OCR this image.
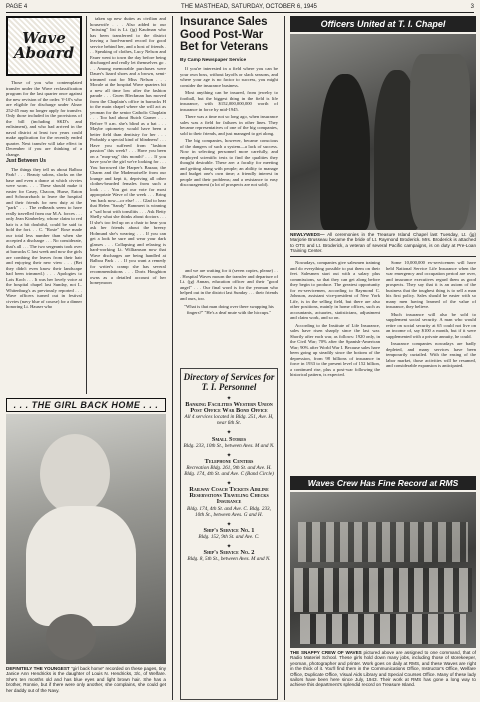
PAGE 4	THE MASTHEAD, SATURDAY, OCTOBER 6, 1945	3
Wave Aboard

Those of you who contemplated transfer under the Wave reclassification program for the last quarter once against the new revision of the order. V-10's who are eligible for discharge under Alnav 252-45 may no longer apply for transfer. Only those included in the provisions of the bill (including SKD's and enlistment), and who had arrived in the naval district at least two years could make application for the recently ended quarter. Next transfer will take effect in December if you are thinking of a change.

Just Between Us

The things they tell us about Balboa Park! . . . Beauty salons, slacks on the base and even a dance at which civvies were worn. . . . These should make it easier for Casey, Chacon, Hurse, Eaton and Schwarzbach to leave the hospital and their friends for new duty at the "park" . . . The redheads seem to have really travelled from our M.A. forces . . . only Jean Kimberley, whose claim to red hair is a bit doubtful, could be said to hold the fort. . . C. "Rosie" Rose made our total less number than when she accepted a discharge . . . No considerate, that's all . . . The two sergeants took over at barracks C last week and now the girls are combing the leaves from their hair and enjoying their new view . . . (Bet they didn't even know their landscape had been trimmed.) . . . Apologies to Lois Koch . . . It was her lovely voice at the hospital chapel last Sunday, not L. Whitenburg's as previously reported . . . Wave officers turned out in festival civvies (navy blue of course) for a dinner honoring Lt. Hauser who

taken up new duties as civilian and housewife . . . Also added to our "missing" list is Lt. (jg) Kaufman who has been transferred to the district leaving a hard-earned record for good service behind her, and a host of friends . . . Speaking of clothes, Lucy Nelson and Fauer went to town the day before being discharged and really let themselves go . . . Among memorable purchases were Dauer's lizard shoes and a brown, semi-trimmed coat for Miss Nelson . . . Morale at the hospital Wave quarters hit a new all time low after the fashion parade . . . Gwen Bleckman has moved from the Chaplain's office in barracks H to the main chapel where she will act as yeoman for the senior Catholic Chaplain . . . Too bad about Butch Garner . . . Before 9 a.m. she's blind as a bat . . . Maybe optometry would have been a better field than dentistry for her . . . Probably a special kind of blindness! . . . Have you suffered from "fashion passion" this week? . . . Have you been on a "mop-rag" this month? . . . If you have you're the girl we're looking for . . . You borrowed the Harper's Bazaar, the Charm and the Mademoiselle from our lounge and kept it, depriving all other clothes-bearded females from such a look . . . You got our vote for most appropriate Wave of the week . . . Bring 'em back now—or else! . . . Glad to hear that Helen "Sandy" Rammert is winning a "sad bout with tonsilitis . . . Ask Betty Shelly what she thinks about doctors . . . If she's too fed up on a chair to hear you ask her friends about the breezy Holmund she's wearing . . . If you can get a look be sure and wear your dark glasses . . . Collapsing and relaxing is hard-working Lt. Williamson now that Wave discharges are being handled at Balboa Park . . . If you want a remedy for writer's cramp she has several recommendations . . . Doris Houghton owns as a detailed account of her honeymoon

. . . THE GIRL BACK HOME . . .
DEFINITELY THE YOUNGEST "girl back home" recorded on these pages, tiny Janice Ann Hendricks is the daughter of Louis N. Hendricks, 3/c, of Welfare. She's ten months old and has blue eyes and light brown hair. She has a brother, Ronnie, but if there were only another, she complains, she could get her daddy out of the Navy.
Insurance Sales Good Post-War Bet for Veterans
By Camp Newspaper Service

If you're interested in a field where you can be your own boss, without layoffs or slack seasons, and where your age is no factor to success, you might consider the insurance business.

Most anything can be insured, from jewelry to football, but the biggest thing in the field is life insurance, with $152,000,000,000 worth of insurance in force by mid-1945.

There was a time not so long ago, when insurance sales was a field for failures in other lines. They became representatives of one of the big companies, sold to their friends, and just managed to get along.

The big companies, however, became conscious of the dangers of such a system—a lack of success. Now in selecting personnel more carefully, and employed scientific tests to find the qualities they thought desirable. These are: a faculty for meeting and getting along with people; an ability to manage and budget one's own time; a friendly interest in people and their problems; and a resistance to easy discouragement (a lot of prospects are not sold).

and we are waiting for it (seven copies, please) . . . Hospital Waves mourn the transfer and departure of Lt. (jg) Annan, education officer and their "good angel" . . . Our final word is for the yeoman who helped out in the district last Sunday . . . their friends and ours, too.

"What is that man doing over there swapping his fingers?" "He's a deaf mute with the hiccups."

Directory of Services for T. I. Personnel
✦
Banking Facilities Western Union Post Office War Bond Office
All 4 services located in Bldg. 251, Ave. H, near 6th St.
✦
Small Stores
Bldg. 233, 10th St., between Aves. M and N.
✦
Telephone Centers
Recreation Bldg. 261, 9th St. and Ave. H. Bldg. 174, 4th St. and Ave. C (Band Circle)
✦
Railway Coach Tickets Airline Reservations Traveling Checks Insurance
Bldg. 174, 4th St. and Ave. C. Bldg. 233, 10th St., between Aves. G and H.
✦
Ship's Service No. 1
Bldg. 152, 9th St. and Ave. C.
✦
Ship's Service No. 2
Bldg. 8, 5th St., between Aves. M and N.
Officers United at T. I. Chapel
NEWLYWEDS— All ceremonies in the Treasure Island Chapel last Tuesday, Lt. (jg) Marjorie Brusseau became the bride of Lt. Raymond Broderick. Mrs. Broderick is attached to OTS and Lt. Broderick, a veteran of several Pacific campaigns, is on duty at Pre-Loan Training Center.

Nowadays, companies give salesmen training and do everything possible to put them on their feet. Salesmen start out with a salary plus commissions, so that they can get along before they begin to produce. The greatest opportunity for ex-servicemen, according to Raymond C. Johnson, assistant vice-president of New York Life, is in the selling field, but there are also other positions, mainly in home offices, such as accountants, actuaries, statisticians, adjustment and claim work, and so on.

According to the Institute of Life Insurance, sales have risen sharply since the last war. Shortly after each war, as follows: 1920 only, in the Civil War; 70% after the Spanish-American War; 90% after World War I. Because sales have been going up steadily since the bottom of the depression, from 98 billions of insurance in force in 1933 to the present level of 152 billion, a continued rise, plus a post-war following the historical pattern, is expected.

Some 10,000,000 ex-servicemen will have held National Service Life Insurance when the war emergency and occupation period are over, and insurance executives regard them as good prospects. They say that it is an axiom of the business that the toughest thing is to sell a man his first policy. Sales should be easier with so many men having learned of the value of insurance, they believe.

Much insurance will also be sold to supplement social security. A man who would retire on social security at 65 could not live on an income of, say $100 a month, but if it were supplemented with a private annuity, he could.

Insurance companies nowadays are badly depleted, and many services have been temporarily curtailed. With the easing of the labor market, those activities will be resumed, and considerable expansion is anticipated.

Waves Crew Has Fine Record at RMS
THE SNAPPY CREW OF WAVES pictured above are assigned to one command, that of Radio Materiel School. These girls hold down many jobs, including those of storekeeper, yeoman, photographer and printer. Work goes on daily at RMS, and these Waves are right in the thick of it. You'll find them in the Communications Office, Instructor's Office, Welfare Office, Duplicate Office, Visual Aids Library and Special Courses Office. Many of these lady sailors have been here since July, 1943. Their work at RMS has gone a long way to achieve this department's splendid record on Treasure Island.
